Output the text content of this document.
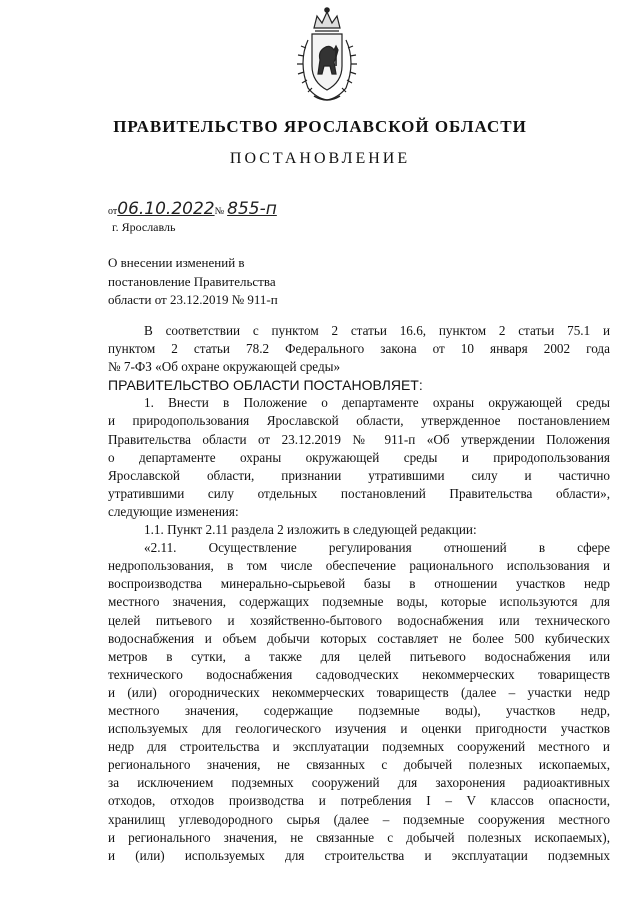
ПРАВИТЕЛЬСТВО ЯРОСЛАВСКОЙ ОБЛАСТИ
ПОСТАНОВЛЕНИЕ
от06.10.2022№ 855-п
г. Ярославль
О внесении изменений в
постановление Правительства
области от 23.12.2019 № 911-п
В соответствии с пунктом 2 статьи 16.6, пунктом 2 статьи 75.1 и
пунктом 2 статьи 78.2 Федерального закона от 10 января 2002 года
№ 7-ФЗ «Об охране окружающей среды»
ПРАВИТЕЛЬСТВО ОБЛАСТИ ПОСТАНОВЛЯЕТ:
1. Внести в Положение о департаменте охраны окружающей среды
и природопользования Ярославской области, утвержденное постановлением
Правительства области от 23.12.2019 № 911-п «Об утверждении Положения
о департаменте охраны окружающей среды и природопользования
Ярославской области, признании утратившими силу и частично
утратившими силу отдельных постановлений Правительства области»,
следующие изменения:
1.1. Пункт 2.11 раздела 2 изложить в следующей редакции:
«2.11. Осуществление регулирования отношений в сфере
недропользования, в том числе обеспечение рационального использования и
воспроизводства минерально-сырьевой базы в отношении участков недр
местного значения, содержащих подземные воды, которые используются для
целей питьевого и хозяйственно-бытового водоснабжения или технического
водоснабжения и объем добычи которых составляет не более 500 кубических
метров в сутки, а также для целей питьевого водоснабжения или
технического водоснабжения садоводческих некоммерческих товариществ
и (или) огороднических некоммерческих товариществ (далее – участки недр
местного значения, содержащие подземные воды), участков недр,
используемых для геологического изучения и оценки пригодности участков
недр для строительства и эксплуатации подземных сооружений местного и
регионального значения, не связанных с добычей полезных ископаемых,
за исключением подземных сооружений для захоронения радиоактивных
отходов, отходов производства и потребления I – V классов опасности,
хранилищ углеводородного сырья (далее – подземные сооружения местного
и регионального значения, не связанные с добычей полезных ископаемых),
и (или) используемых для строительства и эксплуатации подземных
